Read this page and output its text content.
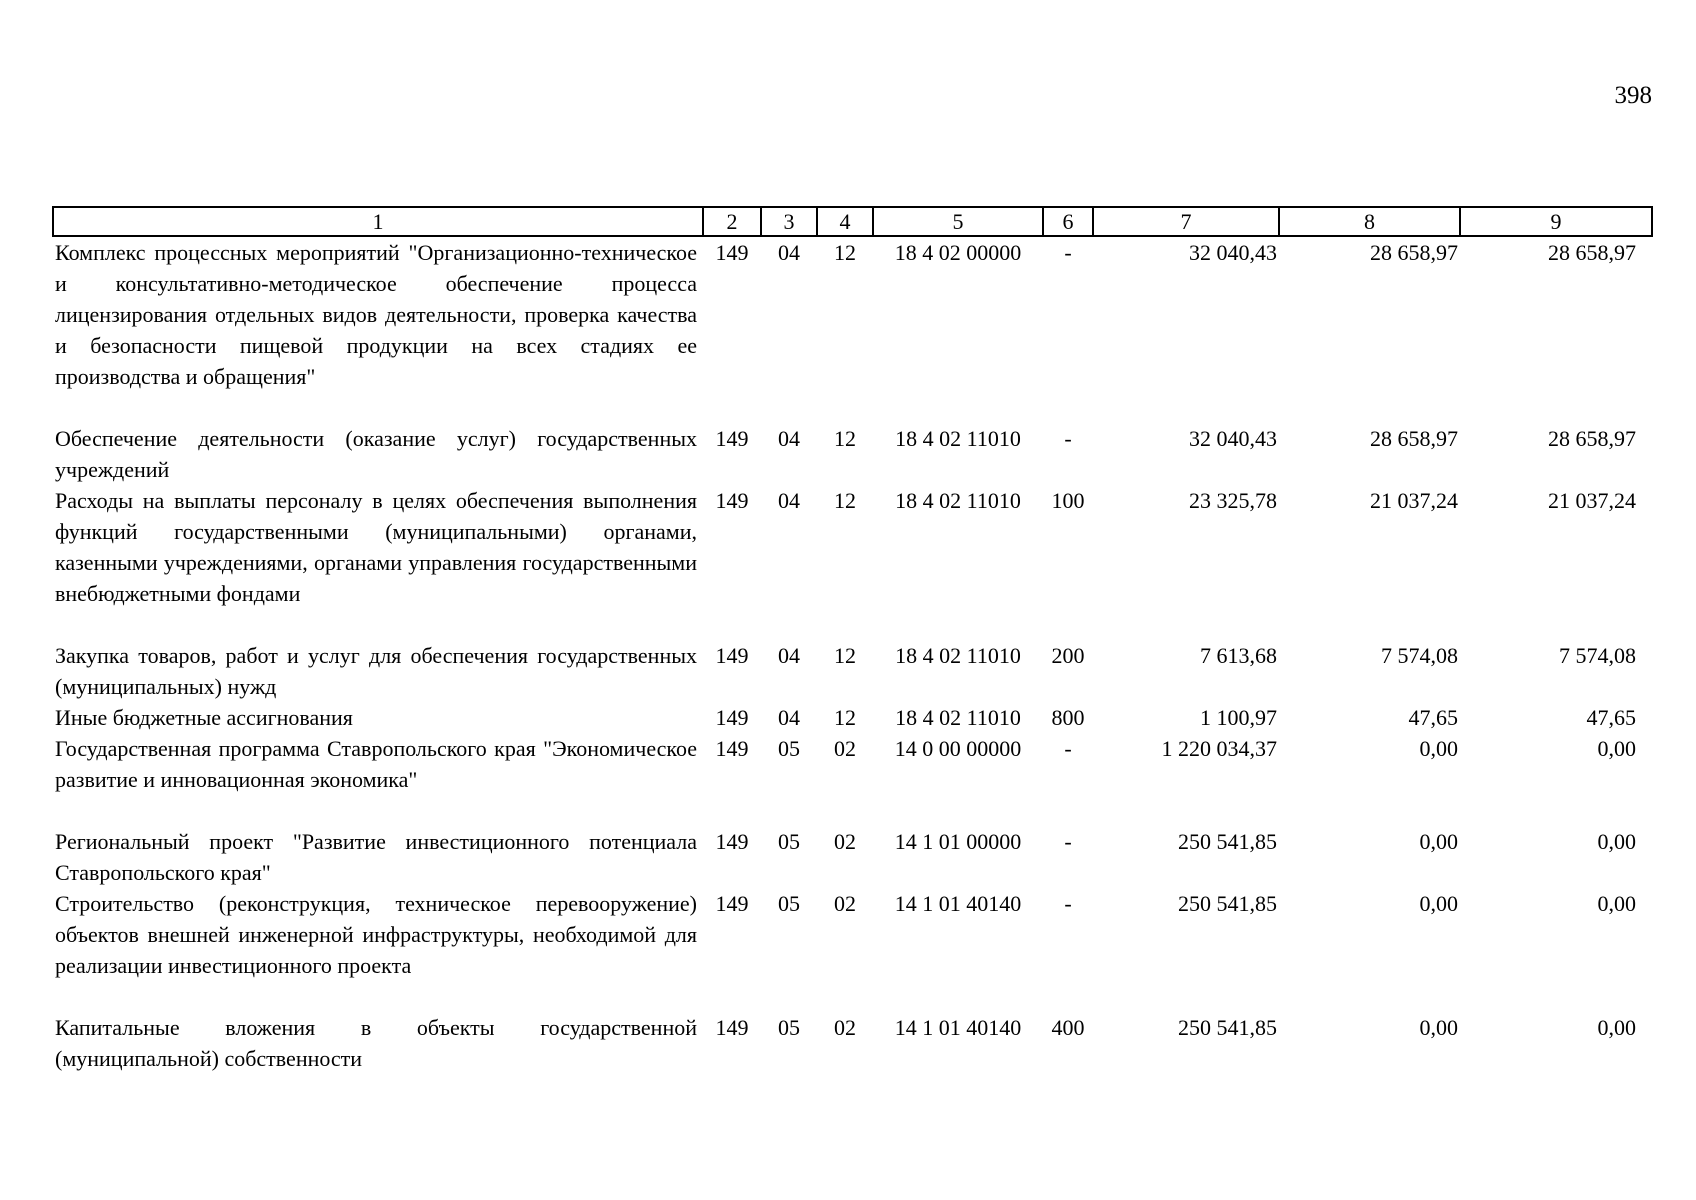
398
1	2	3	4	5	6	7	8	9
Комплекс процессных мероприятий "Организационно-техническое и консультативно-методическое обеспечение процесса лицензирования отдельных видов деятельности, проверка качества и безопасности пищевой продукции на всех стадиях ее производства и обращения"	149	04	12	18 4 02 00000	-	32 040,43	28 658,97	28 658,97
Обеспечение деятельности (оказание услуг) государственных учреждений	149	04	12	18 4 02 11010	-	32 040,43	28 658,97	28 658,97
Расходы на выплаты персоналу в целях обеспечения выполнения функций государственными (муниципальными) органами, казенными учреждениями, органами управления государственными внебюджетными фондами	149	04	12	18 4 02 11010	100	23 325,78	21 037,24	21 037,24
Закупка товаров, работ и услуг для обеспечения государственных (муниципальных) нужд	149	04	12	18 4 02 11010	200	7 613,68	7 574,08	7 574,08
Иные бюджетные ассигнования	149	04	12	18 4 02 11010	800	1 100,97	47,65	47,65
Государственная программа Ставропольского края "Экономическое развитие и инновационная экономика"	149	05	02	14 0 00 00000	-	1 220 034,37	0,00	0,00
Региональный проект "Развитие инвестиционного потенциала Ставропольского края"	149	05	02	14 1 01 00000	-	250 541,85	0,00	0,00
Строительство (реконструкция, техническое перевооружение) объектов внешней инженерной инфраструктуры, необходимой для реализации инвестиционного проекта	149	05	02	14 1 01 40140	-	250 541,85	0,00	0,00
Капитальные вложения в объекты государственной (муниципальной) собственности	149	05	02	14 1 01 40140	400	250 541,85	0,00	0,00
